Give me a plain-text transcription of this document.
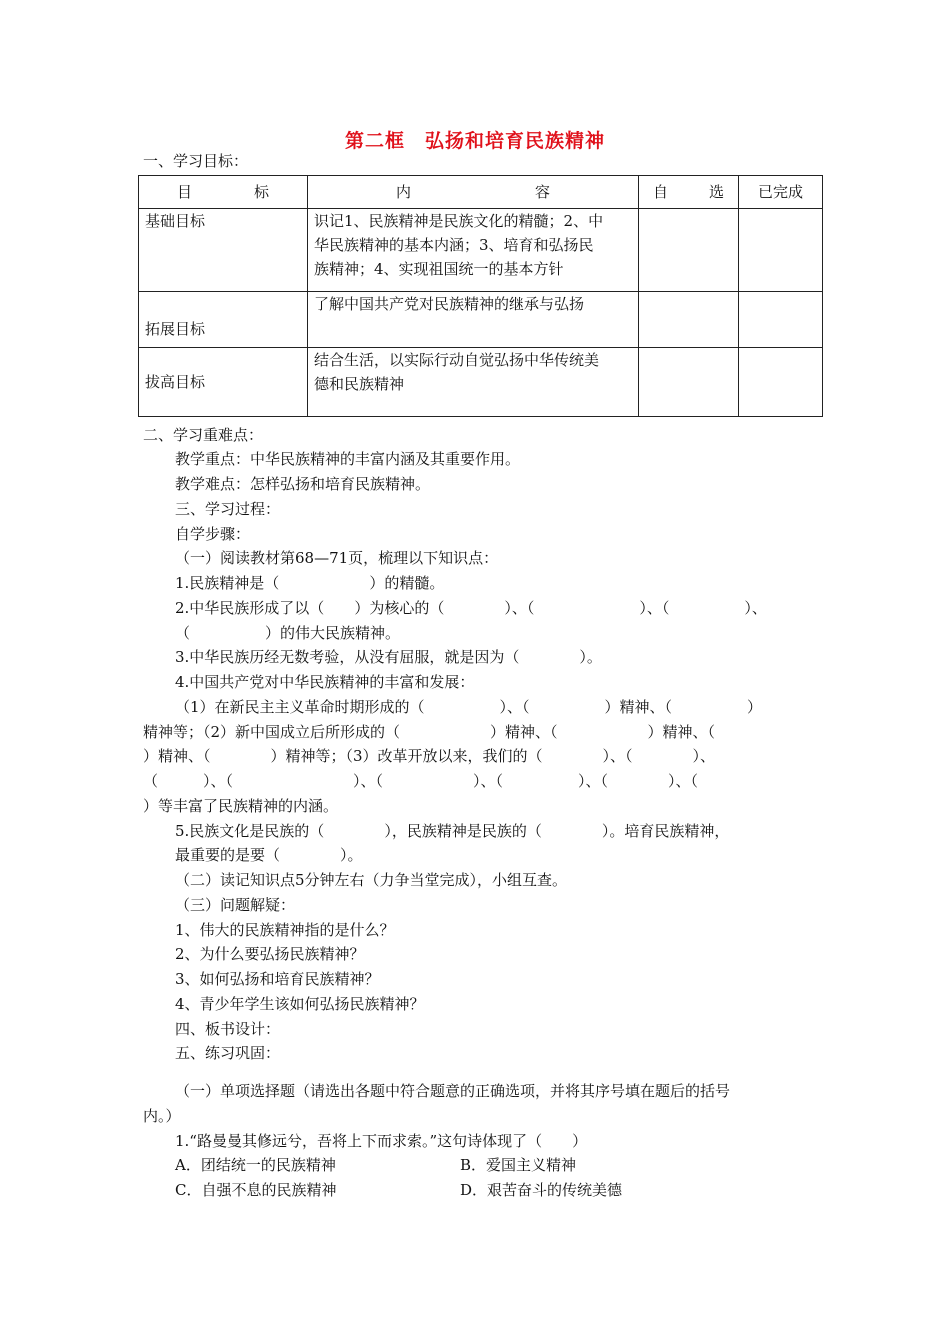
第二框　弘扬和培育民族精神
一、学习目标：
目 标	内 容	自 选	已完成
基础目标	识记1、民族精神是民族文化的精髓；2、中
华民族精神的基本内涵；3、培育和弘扬民
族精神；4、实现祖国统一的基本方针		

拓展目标	了解中国共产党对民族精神的继承与弘扬		

拔高目标	结合生活，以实际行动自觉弘扬中华传统美
德和民族精神		

二、学习重难点：
教学重点：中华民族精神的丰富内涵及其重要作用。
教学难点：怎样弘扬和培育民族精神。
三、学习过程：
自学步骤：
（一）阅读教材第68—71页，梳理以下知识点：
1.民族精神是（　　　　　　）的精髓。
2.中华民族形成了以（　　）为核心的（　　　　）、（　　　　　　　）、（　　　　　）、
（　　　　　）的伟大民族精神。
3.中华民族历经无数考验，从没有屈服，就是因为（　　　　）。
4.中国共产党对中华民族精神的丰富和发展：
（1）在新民主主义革命时期形成的（　　　　　）、（　　　　　）精神、（　　　　　）
精神等；（2）新中国成立后所形成的（　　　　　　）精神、（　　　　　　）精神、（
）精神、（　　　　）精神等；（3）改革开放以来，我们的（　　　　）、（　　　　）、
（　　　）、（　　　　　　　　）、（　　　　　　）、（　　　　　）、（　　　　）、（
）等丰富了民族精神的内涵。
5.民族文化是民族的（　　　　），民族精神是民族的（　　　　）。培育民族精神，
最重要的是要（　　　　）。
（二）读记知识点5分钟左右（力争当堂完成），小组互查。
（三）问题解疑：
1、伟大的民族精神指的是什么？
2、为什么要弘扬民族精神？
3、如何弘扬和培育民族精神？
4、青少年学生该如何弘扬民族精神？
四、板书设计：
五、练习巩固：
（一）单项选择题（请选出各题中符合题意的正确选项，并将其序号填在题后的括号
内。）
1.“路曼曼其修远兮，吾将上下而求索。”这句诗体现了（　　）
A．团结统一的民族精神	B．爱国主义精神
C．自强不息的民族精神	D．艰苦奋斗的传统美德
